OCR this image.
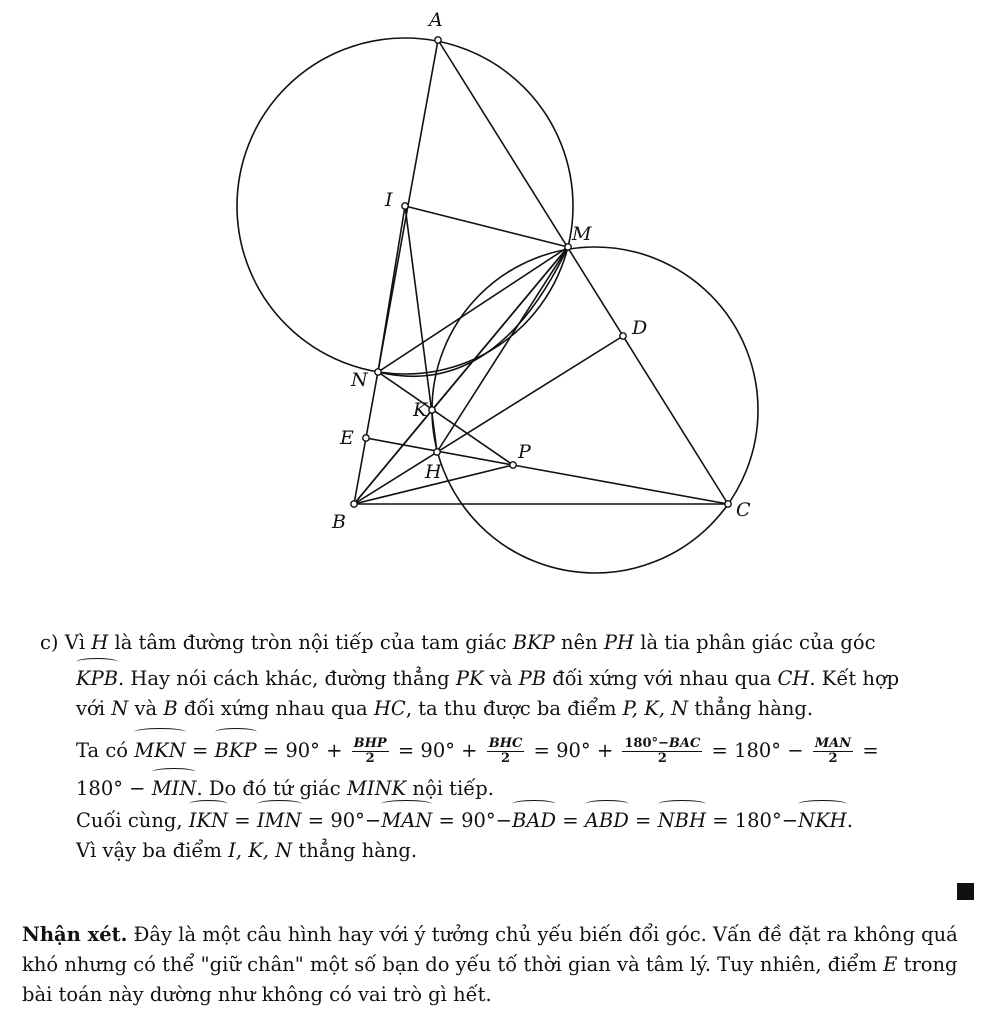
A
I
M
D
N
K
E
H
P
B
C
c) Vì H là tâm đường tròn nội tiếp của tam giác BKP nên PH là tia phân giác của góc
KPB. Hay nói cách khác, đường thẳng PK và PB đối xứng với nhau qua CH. Kết hợp
với N và B đối xứng nhau qua HC, ta thu được ba điểm P, K, N thẳng hàng.
Ta có MKN = BKP = $90^\circ + \frac{\text{BHP}}{2} = 90^\circ + \frac{\text{BHC}}{2} = 90^\circ + \frac{\text{180°−BAC}}{2} = 180^\circ - \frac{\text{MAN}}{2}$ =
180° − MIN. Do đó tứ giác MINK nội tiếp.
Cuối cùng, IKN = IMN = 90°−MAN = 90°−BAD = ABD = NBH = 180°−NKH.
Vì vậy ba điểm I, K, N thẳng hàng.
Nhận xét. Đây là một câu hình hay với ý tưởng chủ yếu biến đổi góc. Vấn đề đặt ra không quá khó nhưng có thể "giữ chân" một số bạn do yếu tố thời gian và tâm lý. Tuy nhiên, điểm E trong bài toán này dường như không có vai trò gì hết.
